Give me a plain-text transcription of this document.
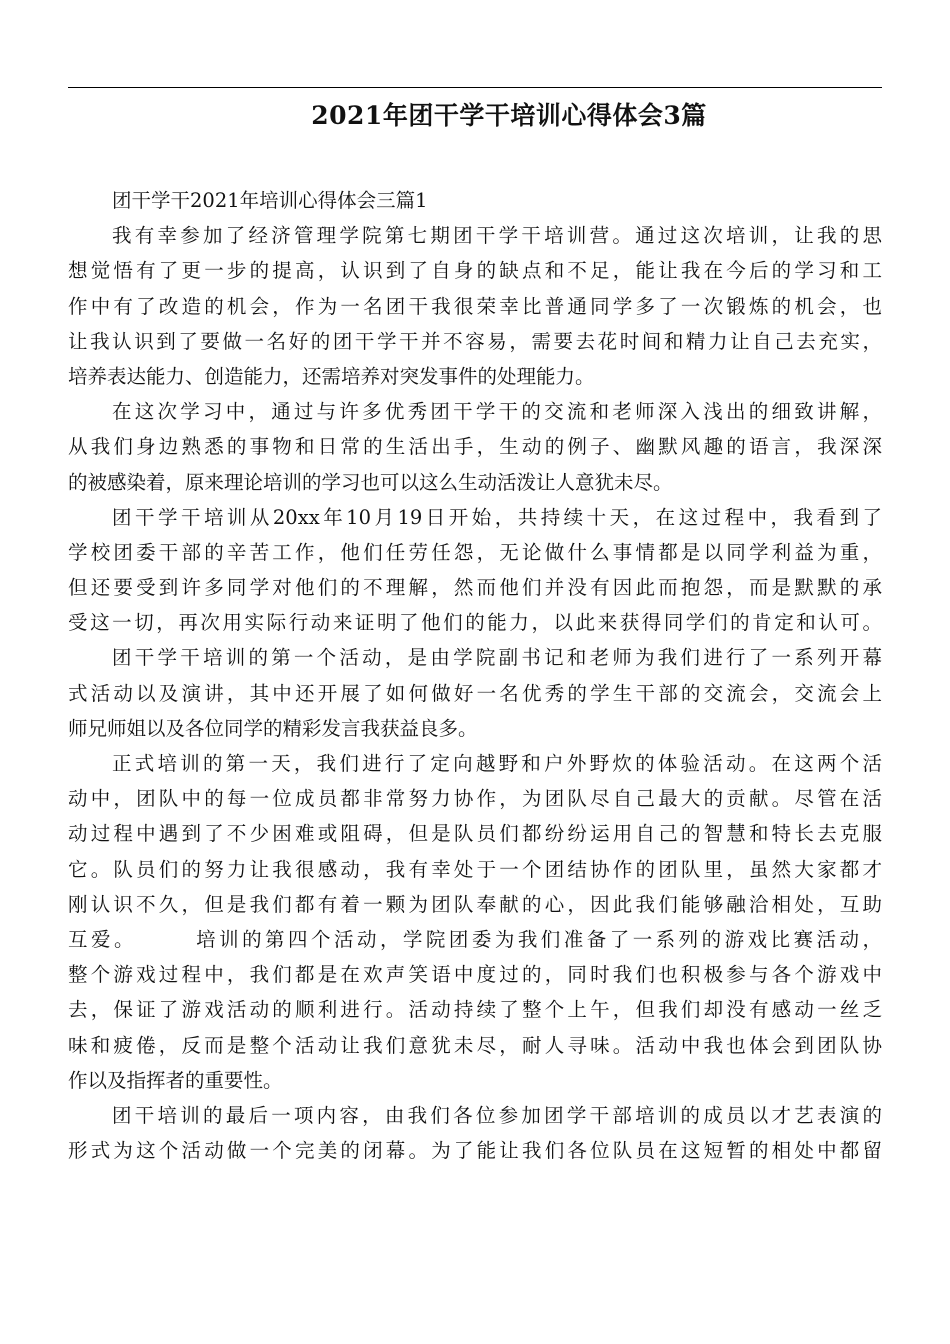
2021年团干学干培训心得体会3篇
团干学干2021年培训心得体会三篇1
我有幸参加了经济管理学院第七期团干学干培训营。通过这次培训，让我的思
想觉悟有了更一步的提高，认识到了自身的缺点和不足，能让我在今后的学习和工
作中有了改造的机会，作为一名团干我很荣幸比普通同学多了一次锻炼的机会，也
让我认识到了要做一名好的团干学干并不容易，需要去花时间和精力让自己去充实，
培养表达能力、创造能力，还需培养对突发事件的处理能力。
在这次学习中，通过与许多优秀团干学干的交流和老师深入浅出的细致讲解，
从我们身边熟悉的事物和日常的生活出手，生动的例子、幽默风趣的语言，我深深
的被感染着，原来理论培训的学习也可以这么生动活泼让人意犹未尽。
团干学干培训从20xx年10月19日开始，共持续十天，在这过程中，我看到了
学校团委干部的辛苦工作，他们任劳任怨，无论做什么事情都是以同学利益为重，
但还要受到许多同学对他们的不理解，然而他们并没有因此而抱怨，而是默默的承
受这一切，再次用实际行动来证明了他们的能力，以此来获得同学们的肯定和认可。
团干学干培训的第一个活动，是由学院副书记和老师为我们进行了一系列开幕
式活动以及演讲，其中还开展了如何做好一名优秀的学生干部的交流会，交流会上
师兄师姐以及各位同学的精彩发言我获益良多。
正式培训的第一天，我们进行了定向越野和户外野炊的体验活动。在这两个活
动中，团队中的每一位成员都非常努力协作，为团队尽自己最大的贡献。尽管在活
动过程中遇到了不少困难或阻碍，但是队员们都纷纷运用自己的智慧和特长去克服
它。队员们的努力让我很感动，我有幸处于一个团结协作的团队里，虽然大家都才
刚认识不久，但是我们都有着一颗为团队奉献的心，因此我们能够融洽相处，互助
互爱。　　　培训的第四个活动，学院团委为我们准备了一系列的游戏比赛活动，
整个游戏过程中，我们都是在欢声笑语中度过的，同时我们也积极参与各个游戏中
去，保证了游戏活动的顺利进行。活动持续了整个上午，但我们却没有感动一丝乏
味和疲倦，反而是整个活动让我们意犹未尽，耐人寻味。活动中我也体会到团队协
作以及指挥者的重要性。
团干培训的最后一项内容，由我们各位参加团学干部培训的成员以才艺表演的
形式为这个活动做一个完美的闭幕。为了能让我们各位队员在这短暂的相处中都留
